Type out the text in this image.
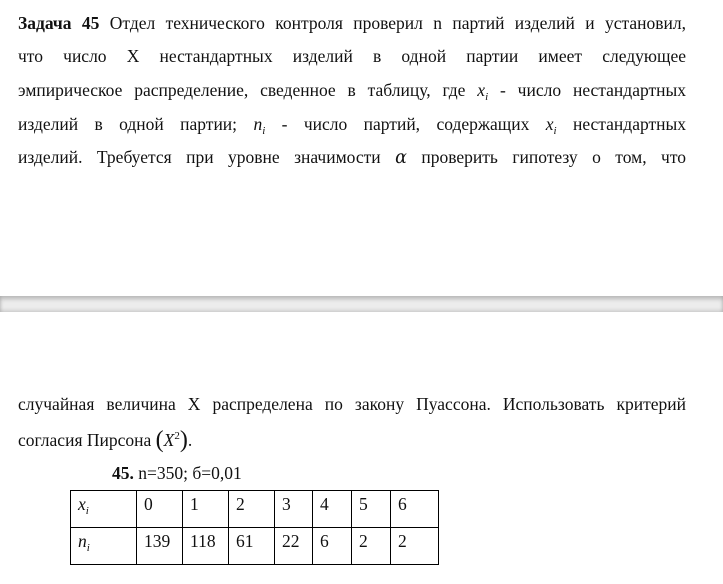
Задача 45 Отдел технического контроля проверил n партий изделий и установил,
что число X нестандартных изделий в одной партии имеет следующее
эмпирическое распределение, сведенное в таблицу, где $x_i$ - число нестандартных
изделий в одной партии; $n_i$ - число партий, содержащих $x_i$ нестандартных
изделий. Требуется при уровне значимости α проверить гипотезу о том, что
случайная величина X распределена по закону Пуассона. Использовать критерий
согласия Пирсона $(X^2)$.
45. n=350; б=0,01
$x_i$	0	1	2	3	4	5	6
$n_i$	139	118	61	22	6	2	2
